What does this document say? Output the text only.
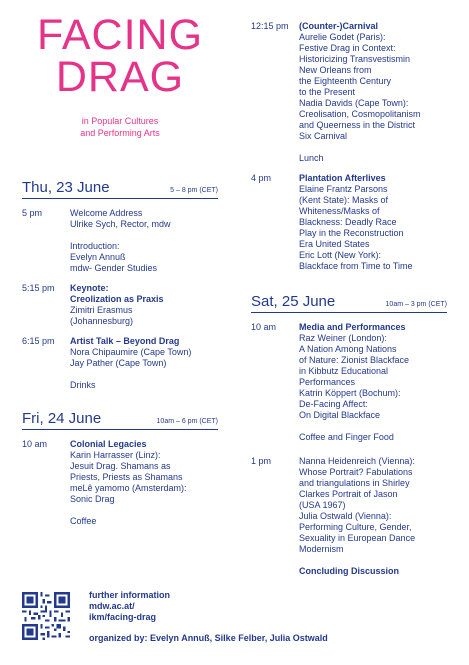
FACING
DRAG
in Popular Cultures
and Performing Arts
Thu, 23 June	5 – 8 pm (CET)
5 pm	Welcome Address
Ulrike Sych, Rector, mdw
Introduction:
Evelyn Annuß
mdw- Gender Studies
5:15 pm	Keynote:
Creolization as Praxis
Zimitri Erasmus
(Johannesburg)
6:15 pm	Artist Talk – Beyond Drag
Nora Chipaumire (Cape Town)
Jay Pather (Cape Town)
Drinks
Fri, 24 June	10am – 6 pm (CET)
10 am	Colonial Legacies
Karin Harrasser (Linz):
Jesuit Drag. Shamans as
Priests, Priests as Shamans
meLê yamomo (Amsterdam):
Sonic Drag
Coffee
12:15 pm	(Counter-)Carnival
Aurelie Godet (Paris):
Festive Drag in Context:
Historicizing Transvestismin
New Orleans from
the Eighteenth Century
to the Present
Nadia Davids (Cape Town):
Creolisation, Cosmopolitanism
and Queerness in the District
Six Carnival
Lunch
4 pm	Plantation Afterlives
Elaine Frantz Parsons
(Kent State): Masks of
Whiteness/Masks of
Blackness: Deadly Race
Play in the Reconstruction
Era United States
Eric Lott (New York):
Blackface from Time to Time
Sat, 25 June	10am – 3 pm (CET)
10 am	Media and Performances
Raz Weiner (London):
A Nation Among Nations
of Nature: Zionist Blackface
in Kibbutz Educational
Performances
Katrin Köppert (Bochum):
De-Facing Affect:
On Digital Blackface
Coffee and Finger Food
1 pm	Nanna Heidenreich (Vienna):
Whose Portrait? Fabulations
and triangulations in Shirley
Clarkes Portrait of Jason
(USA 1967)
Julia Ostwald (Vienna):
Performing Culture, Gender,
Sexuality in European Dance
Modernism
Concluding Discussion
further information
mdw.ac.at/
ikm/facing-drag
organized by: Evelyn Annuß, Silke Felber, Julia Ostwald
